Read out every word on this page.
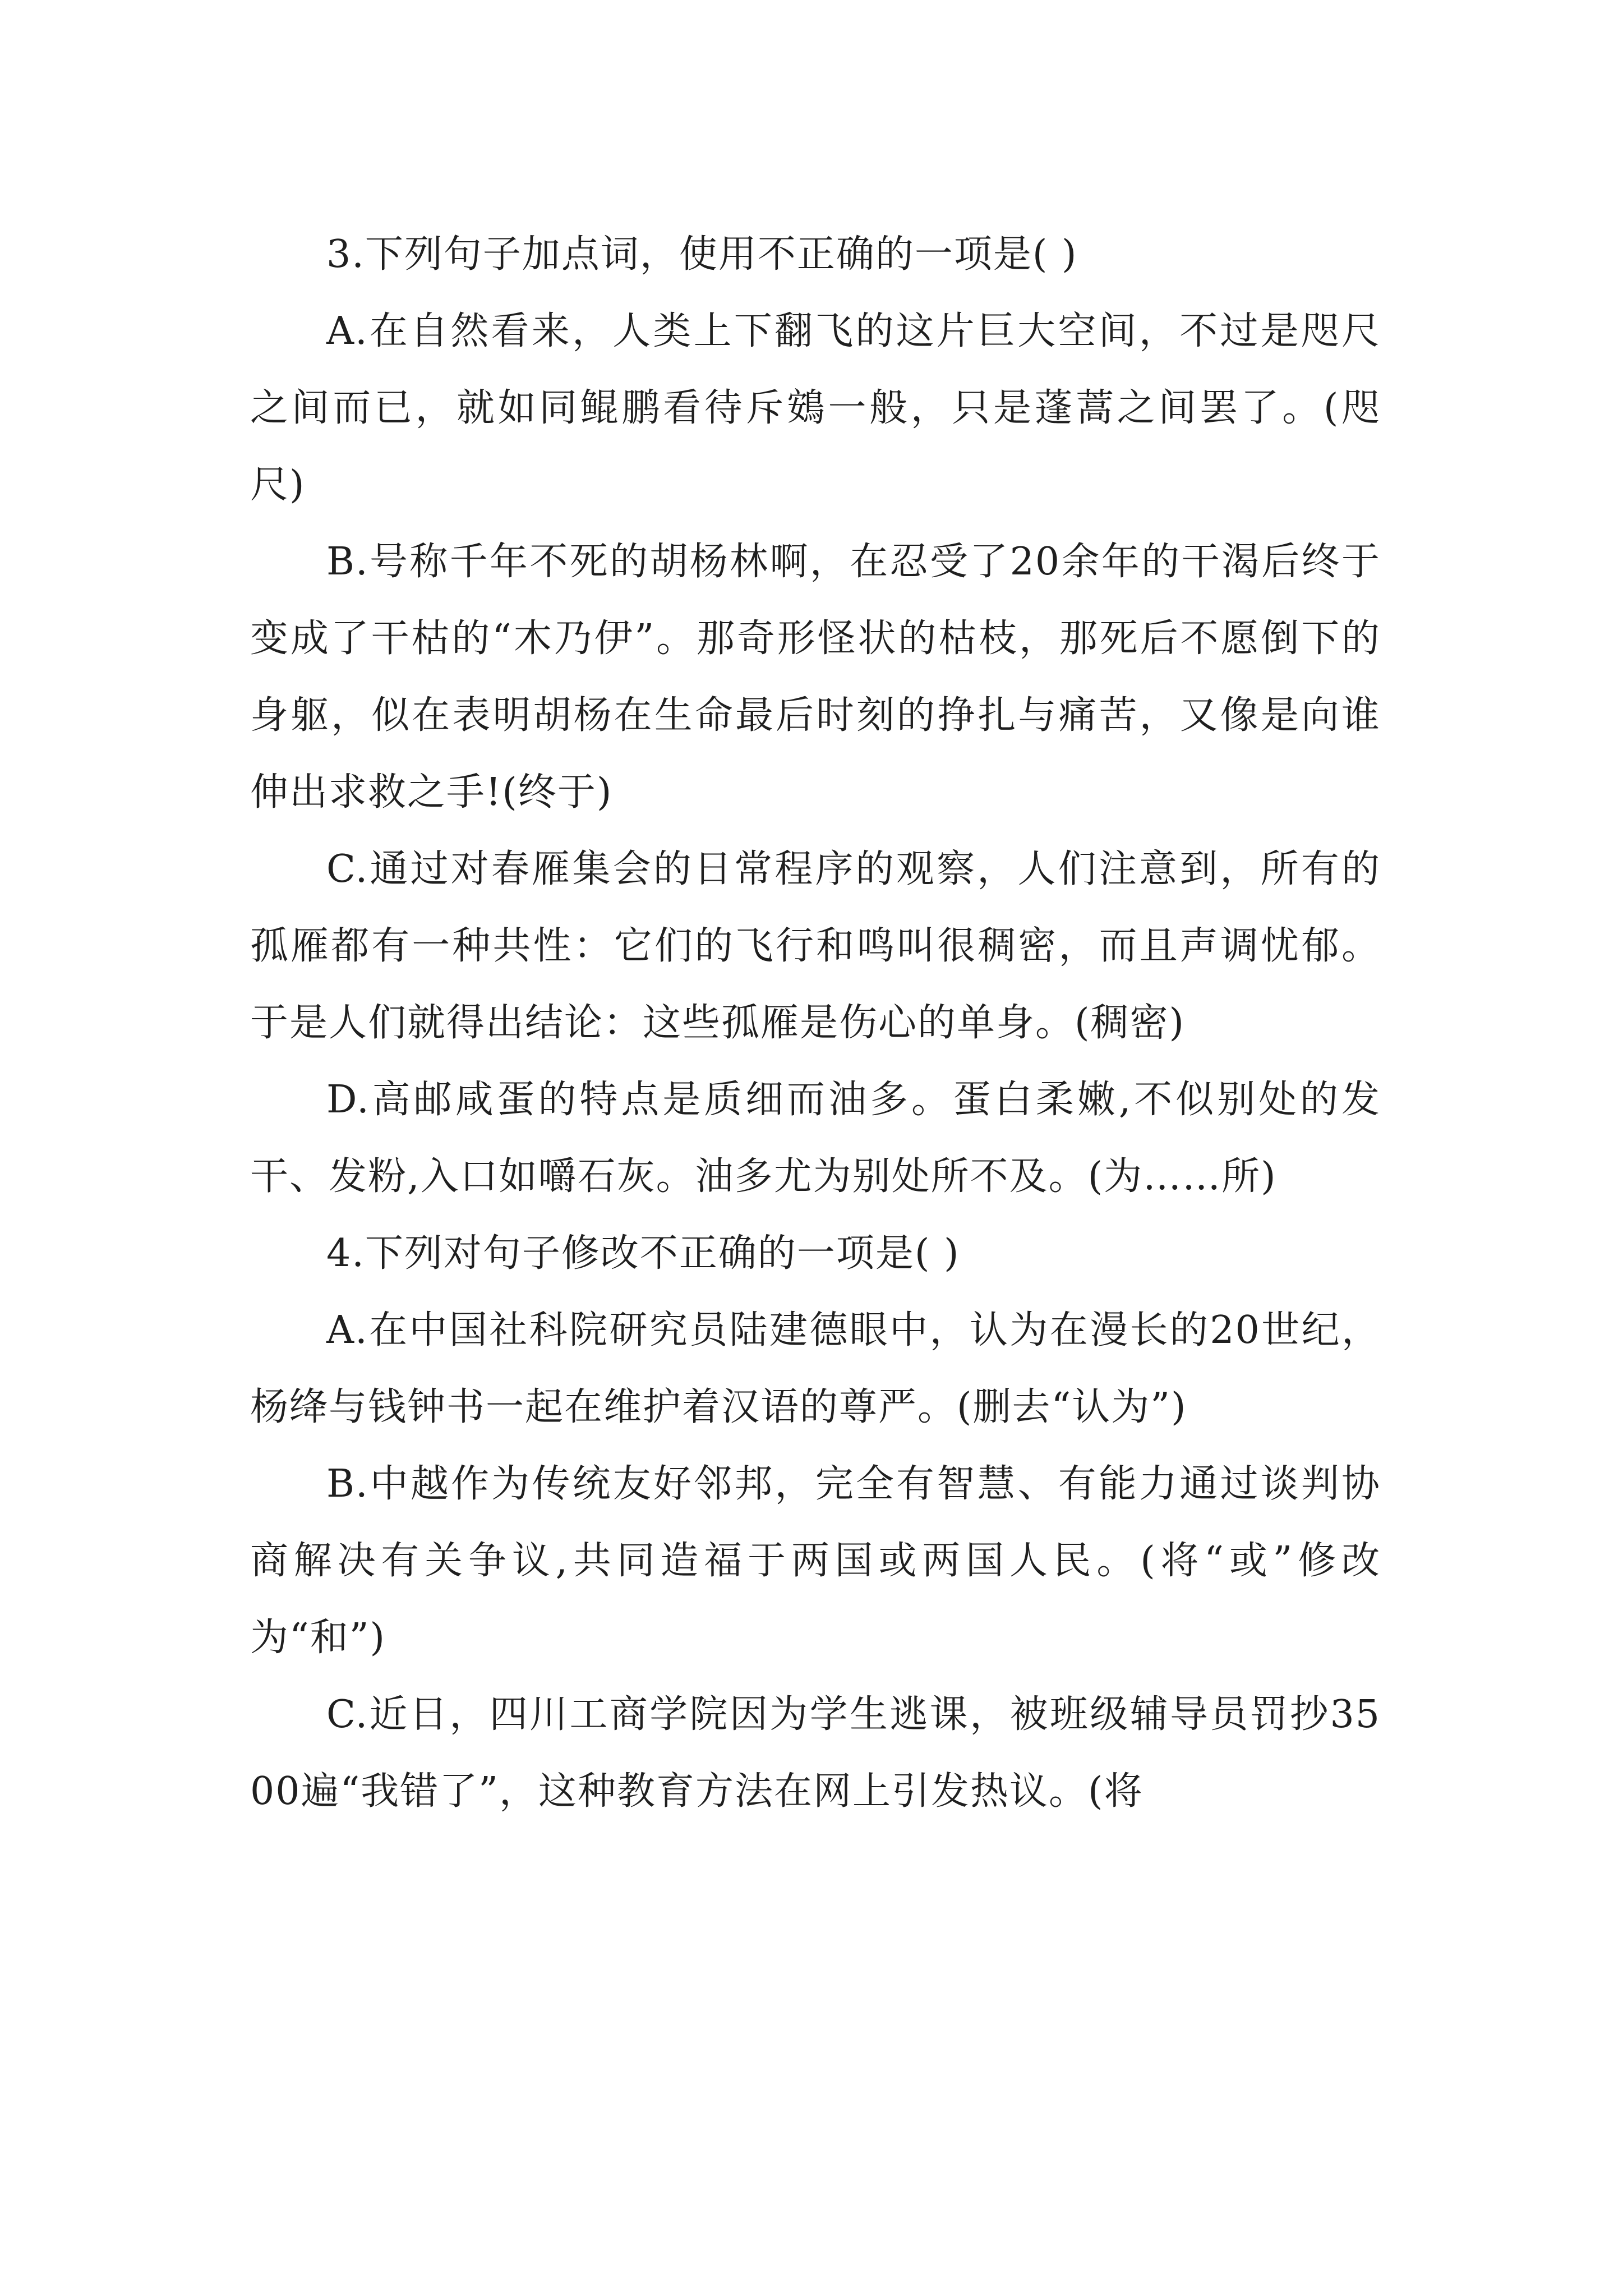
3.下列句子加点词，使用不正确的一项是( )

A.在自然看来，人类上下翻飞的这片巨大空间，不过是咫尺之间而已，就如同鲲鹏看待斥鴳一般，只是蓬蒿之间罢了。(咫尺)

B.号称千年不死的胡杨林啊，在忍受了20余年的干渴后终于变成了干枯的“木乃伊”。那奇形怪状的枯枝，那死后不愿倒下的身躯，似在表明胡杨在生命最后时刻的挣扎与痛苦，又像是向谁伸出求救之手!(终于)

C.通过对春雁集会的日常程序的观察，人们注意到，所有的孤雁都有一种共性：它们的飞行和鸣叫很稠密，而且声调忧郁。于是人们就得出结论：这些孤雁是伤心的单身。(稠密)

D.高邮咸蛋的特点是质细而油多。蛋白柔嫩,不似别处的发干、发粉,入口如嚼石灰。油多尤为别处所不及。(为……所)

4.下列对句子修改不正确的一项是( )

A.在中国社科院研究员陆建德眼中，认为在漫长的20世纪，杨绛与钱钟书一起在维护着汉语的尊严。(删去“认为”)

B.中越作为传统友好邻邦，完全有智慧、有能力通过谈判协商解决有关争议,共同造福于两国或两国人民。(将“或”修改为“和”)

C.近日，四川工商学院因为学生逃课，被班级辅导员罚抄3500遍“我错了”，这种教育方法在网上引发热议。(将
